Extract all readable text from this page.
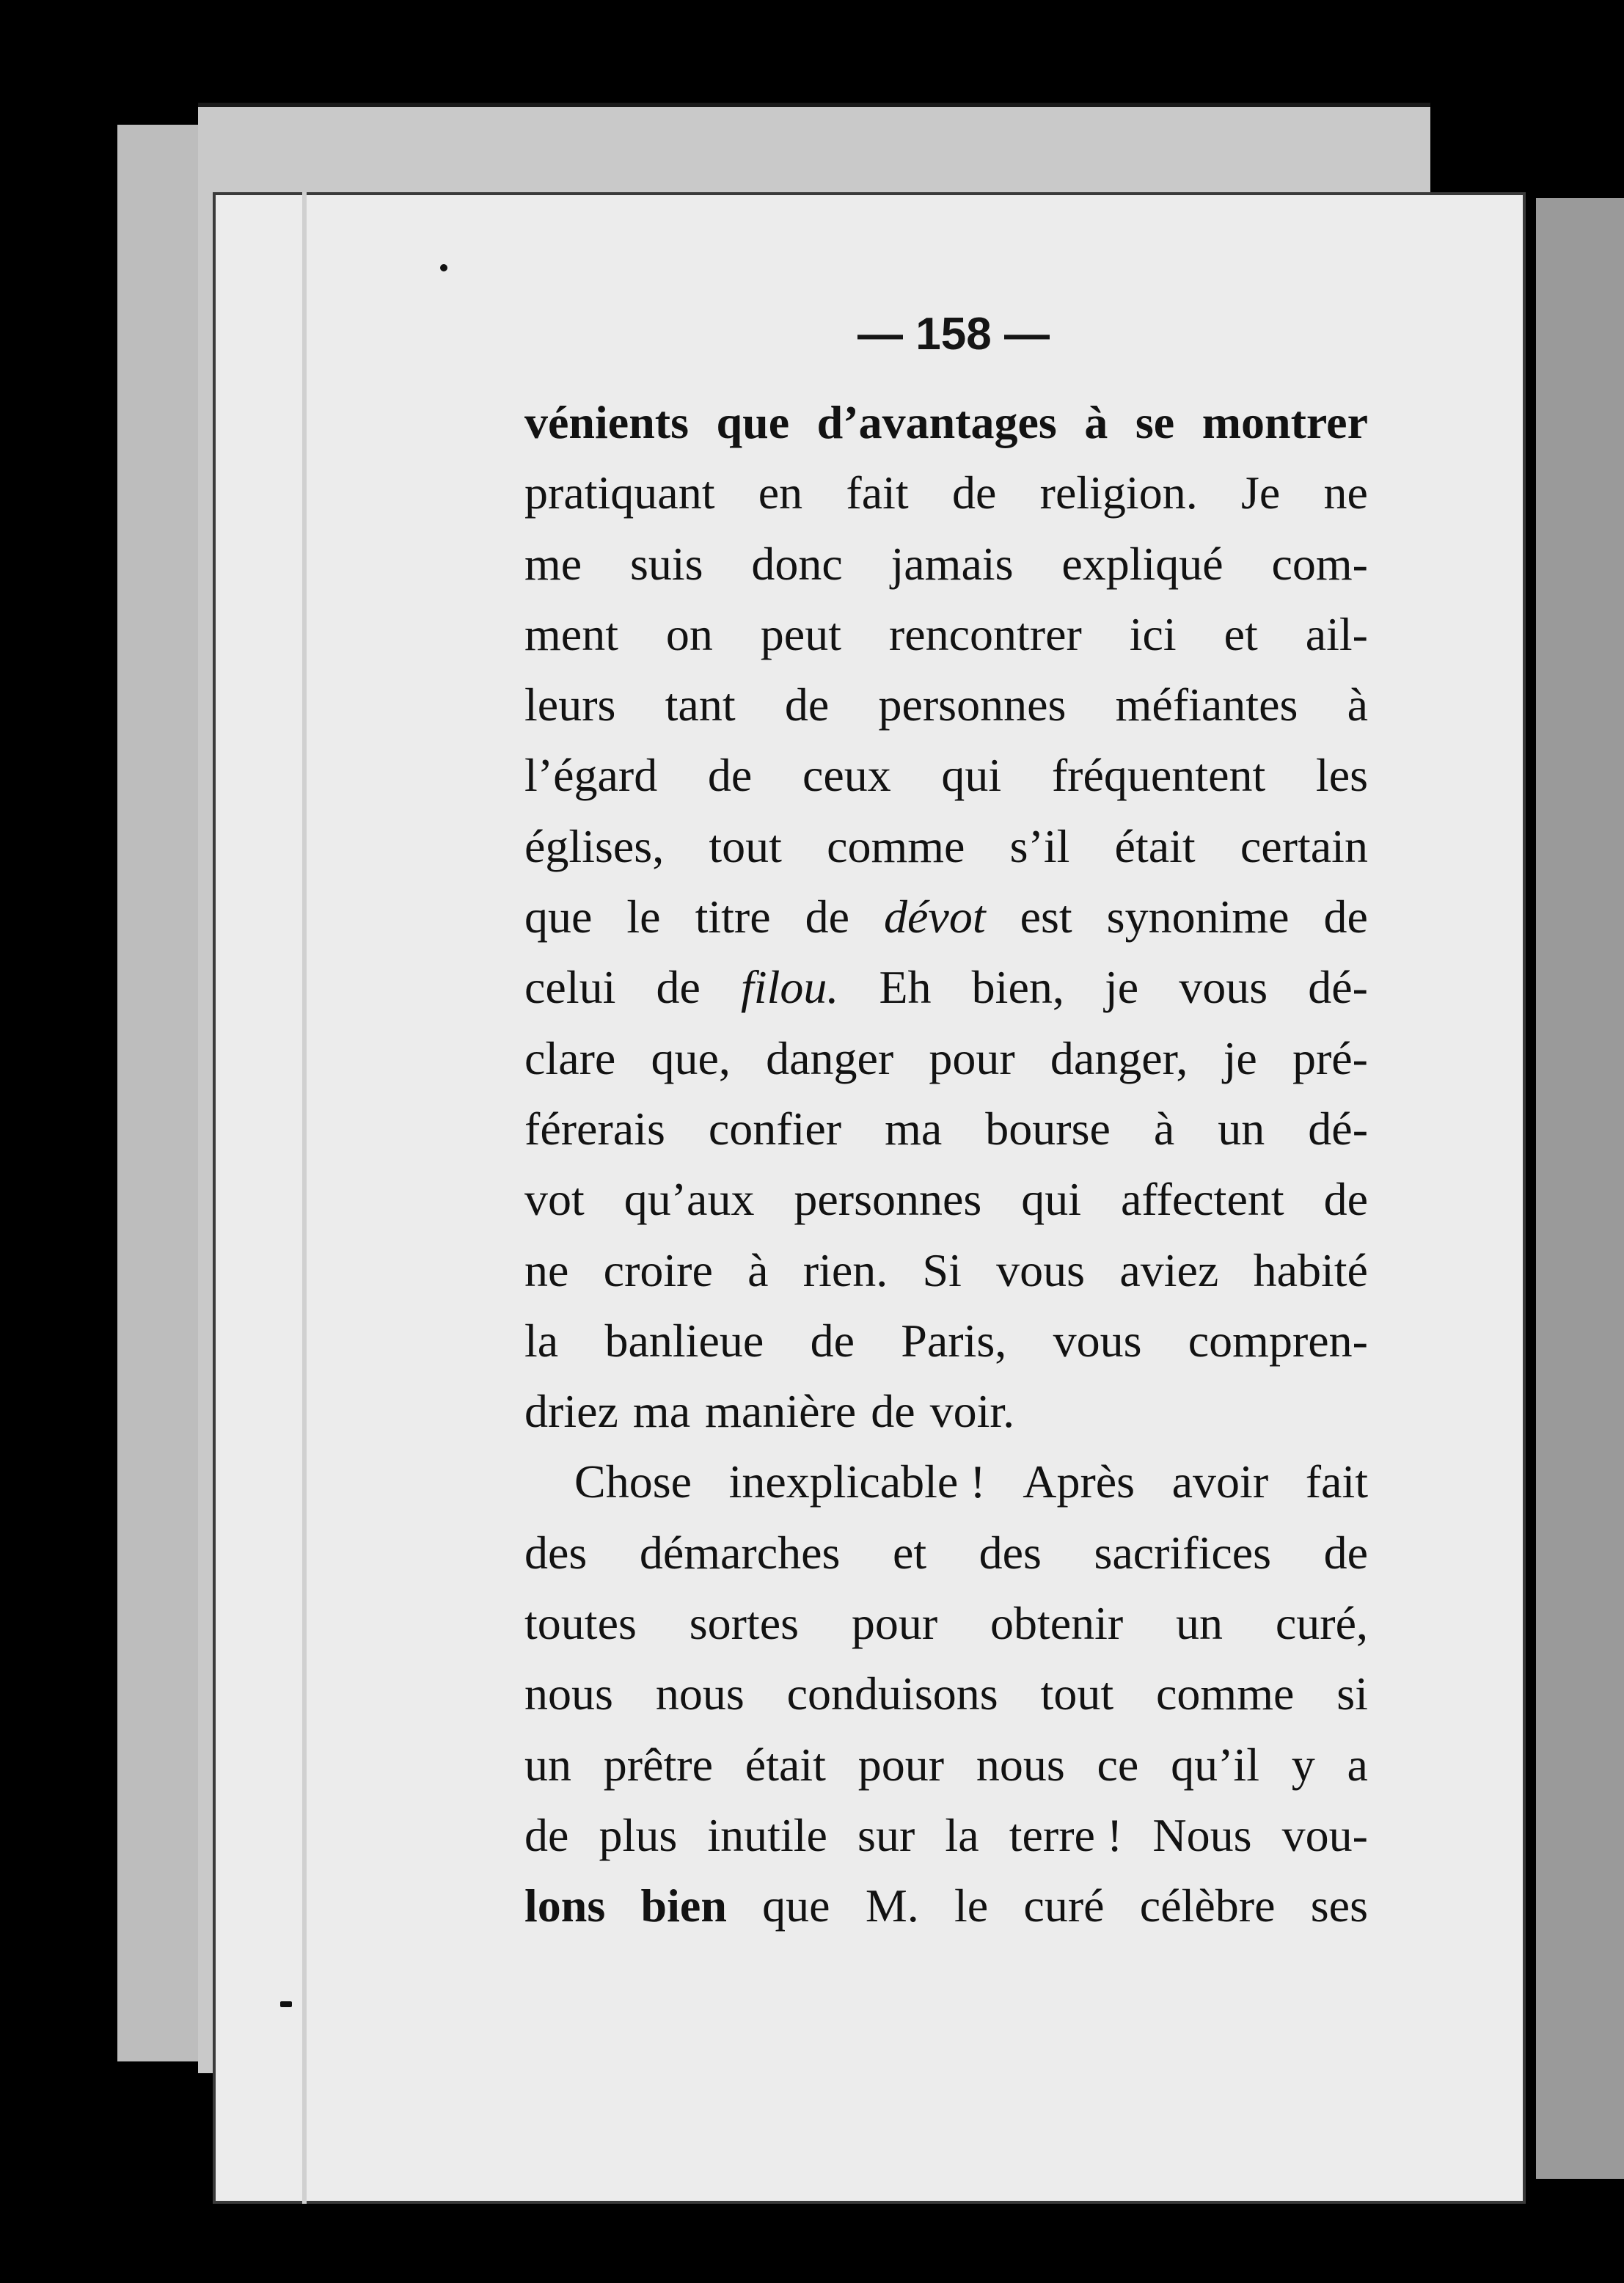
— 158 —
vénients que d’avantages à se montrer
pratiquant en fait de religion. Je ne
me suis donc jamais expliqué com-
ment on peut rencontrer ici et ail-
leurs tant de personnes méfiantes à
l’égard de ceux qui fréquentent les
églises, tout comme s’il était certain
que le titre de dévot est synonime de
celui de filou. Eh bien, je vous dé-
clare que, danger pour danger, je pré-
férerais confier ma bourse à un dé-
vot qu’aux personnes qui affectent de
ne croire à rien. Si vous aviez habité
la banlieue de Paris, vous compren-
driez ma manière de voir.
Chose inexplicable ! Après avoir fait
des démarches et des sacrifices de
toutes sortes pour obtenir un curé,
nous nous conduisons tout comme si
un prêtre était pour nous ce qu’il y a
de plus inutile sur la terre ! Nous vou-
lons bien que M. le curé célèbre ses
